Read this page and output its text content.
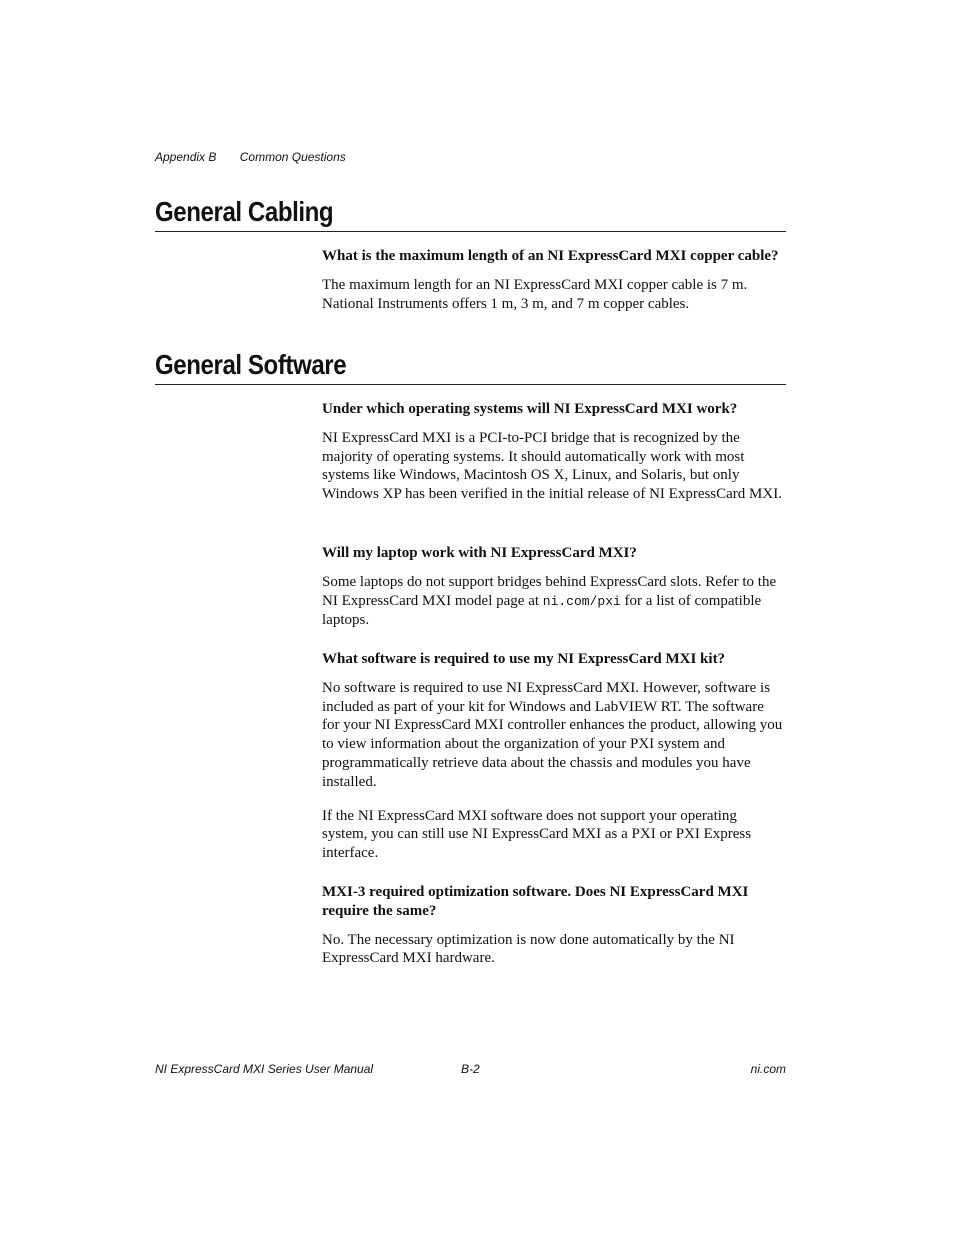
Appendix B Common Questions
General Cabling

What is the maximum length of an NI ExpressCard MXI copper cable?

The maximum length for an NI ExpressCard MXI copper cable is 7 m. National Instruments offers 1 m, 3 m, and 7 m copper cables.

General Software

Under which operating systems will NI ExpressCard MXI work?

NI ExpressCard MXI is a PCI-to-PCI bridge that is recognized by the majority of operating systems. It should automatically work with most systems like Windows, Macintosh OS X, Linux, and Solaris, but only Windows XP has been verified in the initial release of NI ExpressCard MXI.

Will my laptop work with NI ExpressCard MXI?

Some laptops do not support bridges behind ExpressCard slots. Refer to the NI ExpressCard MXI model page at ni.com/pxi for a list of compatible laptops.

What software is required to use my NI ExpressCard MXI kit?

No software is required to use NI ExpressCard MXI. However, software is included as part of your kit for Windows and LabVIEW RT. The software for your NI ExpressCard MXI controller enhances the product, allowing you to view information about the organization of your PXI system and programmatically retrieve data about the chassis and modules you have installed.

If the NI ExpressCard MXI software does not support your operating system, you can still use NI ExpressCard MXI as a PXI or PXI Express interface.

MXI-3 required optimization software. Does NI ExpressCard MXI require the same?

No. The necessary optimization is now done automatically by the NI ExpressCard MXI hardware.

NI ExpressCard MXI Series User Manual	B-2	ni.com
